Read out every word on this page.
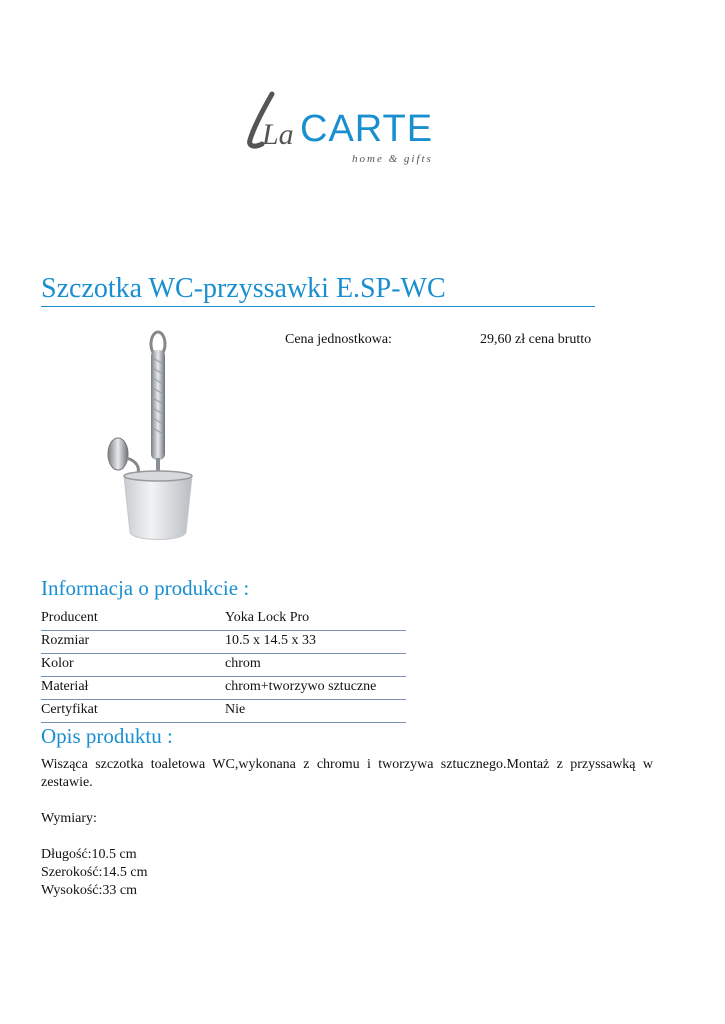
La CARTE
home & gifts
Szczotka WC-przyssawki E.SP-WC
Cena jednostkowa:	29,60 zł cena brutto
Informacja o produkcie :
Producent	Yoka Lock Pro
Rozmiar	10.5 x 14.5 x 33
Kolor	chrom
Materiał	chrom+tworzywo sztuczne
Certyfikat	Nie
Opis produktu :

Wisząca szczotka toaletowa WC,wykonana z chromu i tworzywa sztucznego.Montaż z przyssawką w zestawie.

Wymiary:

Długość:10.5 cm

Szerokość:14.5 cm

Wysokość:33 cm
